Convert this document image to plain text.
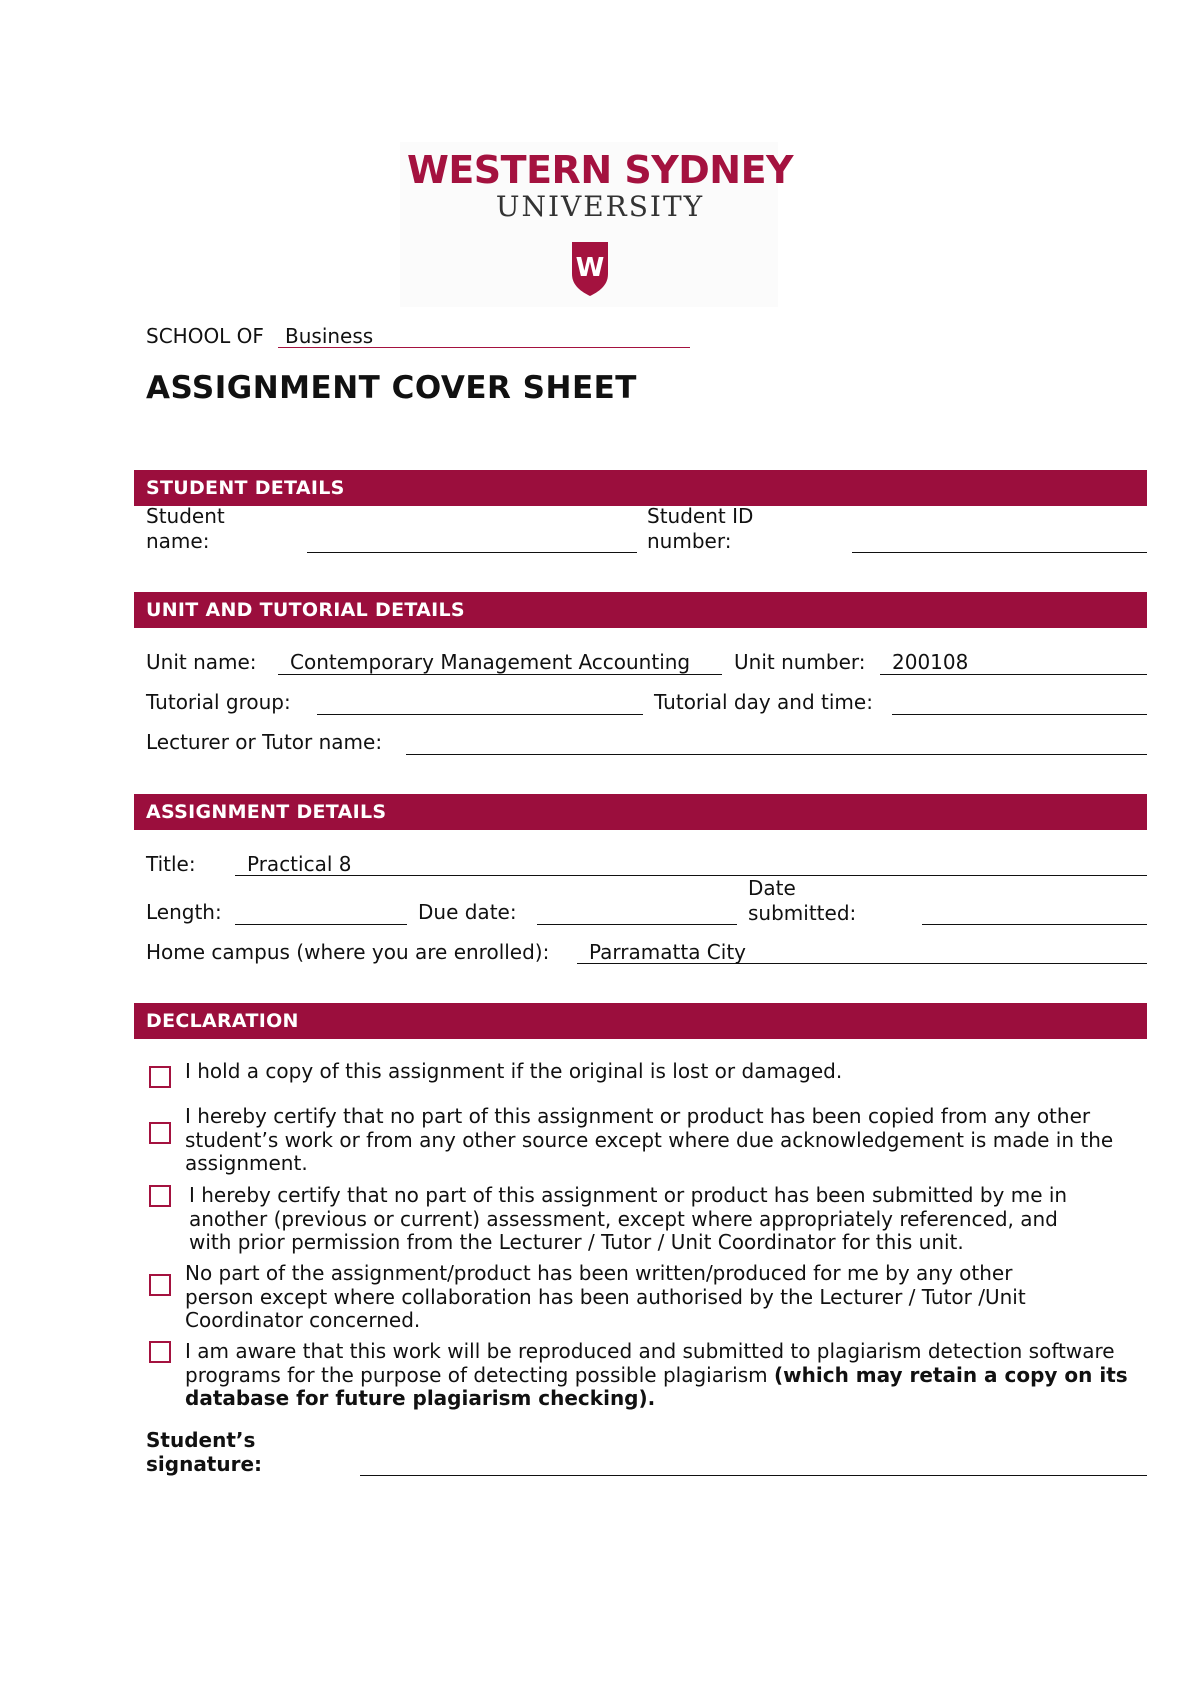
WESTERN SYDNEY
UNIVERSITY
W
SCHOOL OF Business
ASSIGNMENT COVER SHEET
STUDENT DETAILS
Student
name:
Student ID
number:
UNIT AND TUTORIAL DETAILS
Unit name: Contemporary Management Accounting Unit number: 200108
Tutorial group:	Tutorial day and time:
Lecturer or Tutor name:
ASSIGNMENT DETAILS
Title:	Practical 8
Length:	Due date:
Date
submitted:
Home campus (where you are enrolled): Parramatta City
DECLARATION
I hold a copy of this assignment if the original is lost or damaged.
I hereby certify that no part of this assignment or product has been copied from any other student’s work or from any other source except where due acknowledgement is made in the assignment.
I hereby certify that no part of this assignment or product has been submitted by me in another (previous or current) assessment, except where appropriately referenced, and with prior permission from the Lecturer / Tutor / Unit Coordinator for this unit.
No part of the assignment/product has been written/produced for me by any other person except where collaboration has been authorised by the Lecturer / Tutor /Unit Coordinator concerned.
I am aware that this work will be reproduced and submitted to plagiarism detection software programs for the purpose of detecting possible plagiarism (which may retain a copy on its database for future plagiarism checking).
Student’s
signature:
